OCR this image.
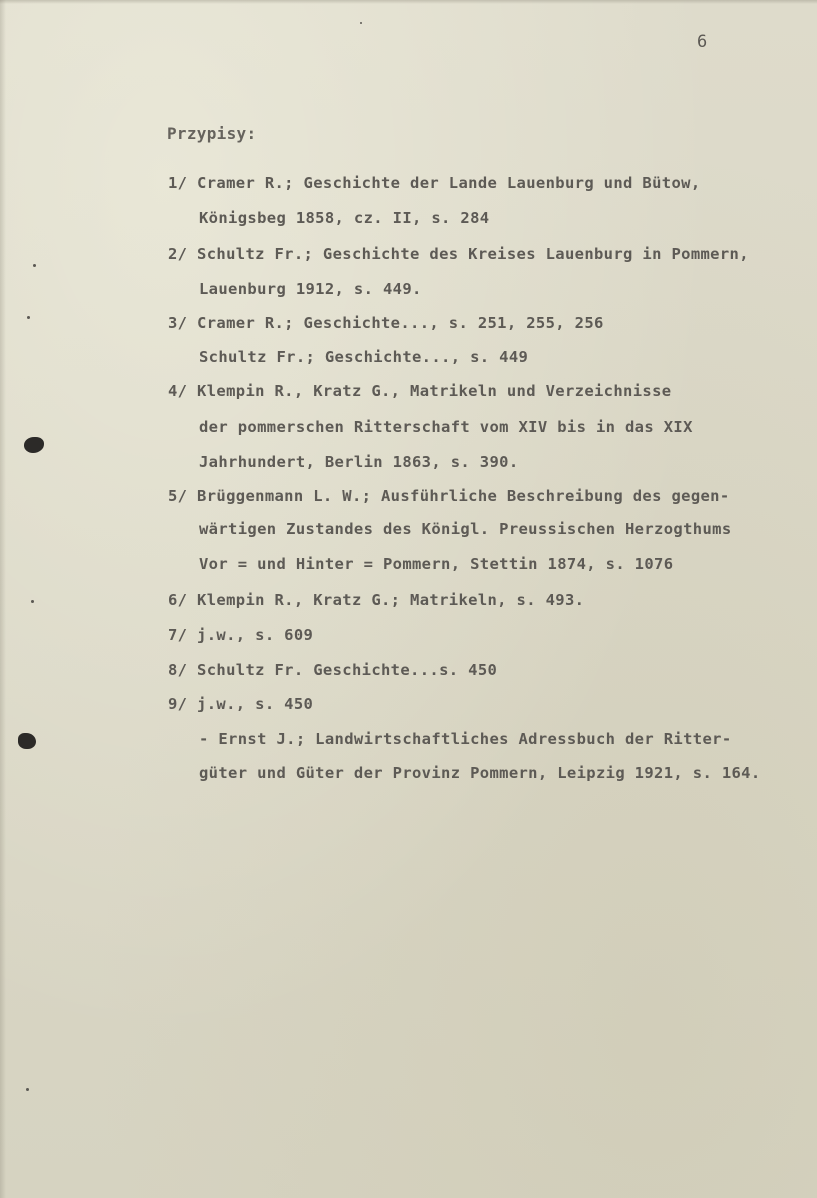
6
Przypisy:
1/ Cramer R.; Geschichte der Lande Lauenburg und Bütow,
Königsbeg 1858, cz. II, s. 284
2/ Schultz Fr.; Geschichte des Kreises Lauenburg in Pommern,
Lauenburg 1912, s. 449.
3/ Cramer R.; Geschichte..., s. 251, 255, 256
Schultz Fr.; Geschichte..., s. 449
4/ Klempin R., Kratz G., Matrikeln und Verzeichnisse
der pommerschen Ritterschaft vom XIV bis in das XIX
Jahrhundert, Berlin 1863, s. 390.
5/ Brüggenmann L. W.; Ausführliche Beschreibung des gegen-
wärtigen Zustandes des Königl. Preussischen Herzogthums
Vor = und Hinter = Pommern, Stettin 1874, s. 1076
6/ Klempin R., Kratz G.; Matrikeln, s. 493.
7/ j.w., s. 609
8/ Schultz Fr. Geschichte...s. 450
9/ j.w., s. 450
- Ernst J.; Landwirtschaftliches Adressbuch der Ritter-
güter und Güter der Provinz Pommern, Leipzig 1921, s. 164.
